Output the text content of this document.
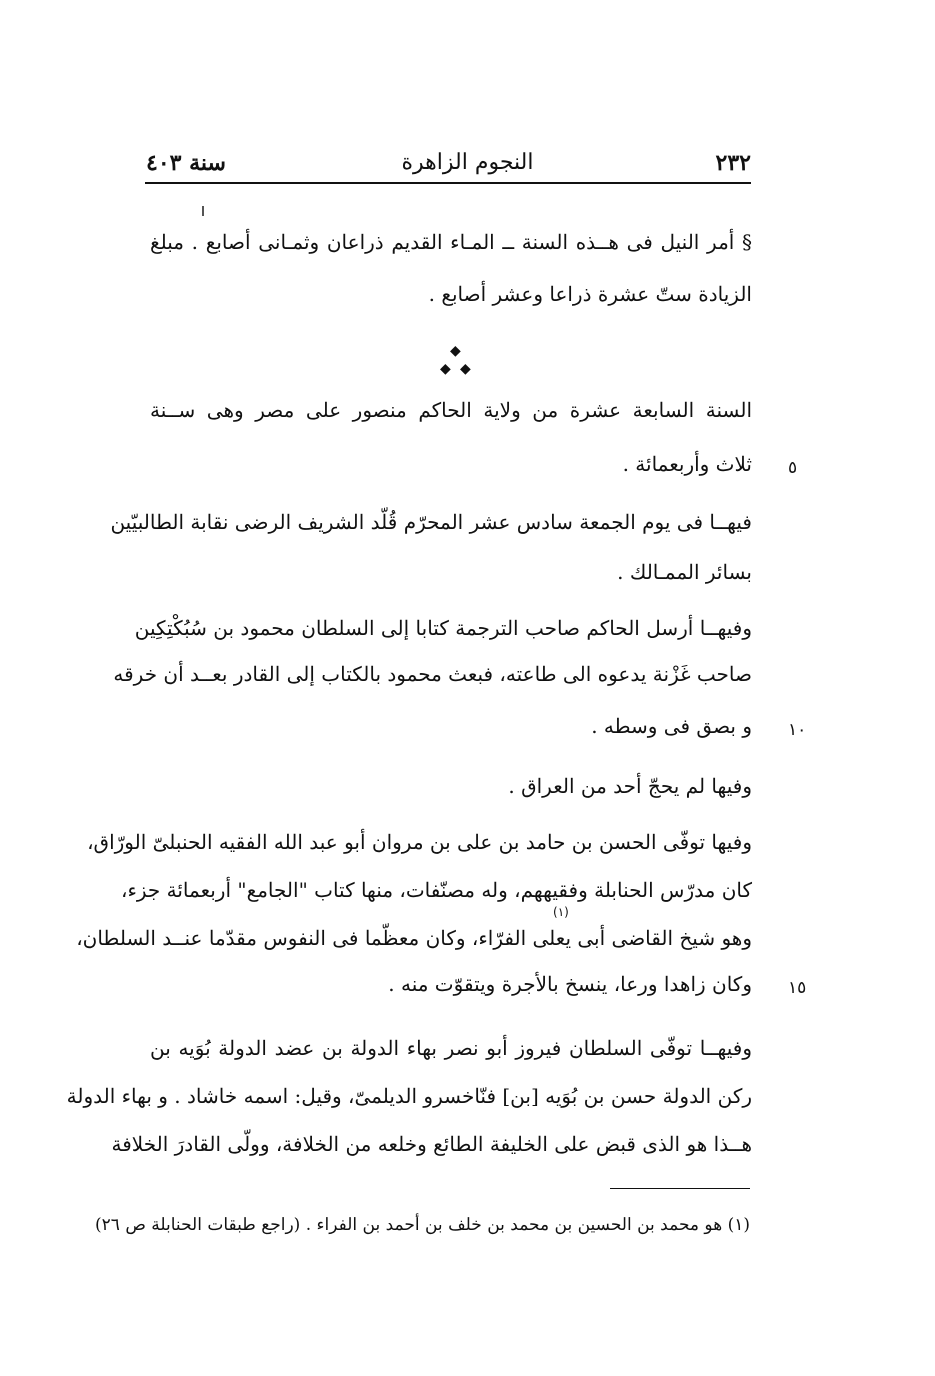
سنة ٤٠٣	النجوم الزاهرة	٢٣٢
§ أمر النيل فى هــذه السنة ــ المـاء القديم ذراعان وثمـانى أصابع . مبلغ
الزيادة ستّ عشرة ذراعا وعشر أصابع .
◆
◆ ◆
السنة السابعة عشرة من ولاية الحاكم منصور على مصر وهى ســنة
ثلاث وأربعمائة . ٥
فيهــا فى يوم الجمعة سادس عشر المحرّم قُلّد الشريف الرضى نقابة الطالبيّين
بسائر الممـالك .
وفيهــا أرسل الحاكم صاحب الترجمة كتابا إلى السلطان محمود بن سُبُكْتِكِين
صاحب غَزْنة يدعوه الى طاعته، فبعث محمود بالكتاب إلى القادر بعــد أن خرقه
و بصق فى وسطه . ١٠
وفيها لم يحجّ أحد من العراق .
وفيها توفّى الحسن بن حامد بن على بن مروان أبو عبد الله الفقيه الحنبلىّ الورّاق،
كان مدرّس الحنابلة وفقيههم، وله مصنّفات، منها كتاب "الجامع" أربعمائة جزء،
(١)
وهو شيخ القاضى أبى يعلى الفرّاء، وكان معظّما فى النفوس مقدّما عنــد السلطان،
وكان زاهدا ورعا، ينسخ بالأجرة ويتقوّت منه . ١٥
وفيهــا توفّى السلطان فيروز أبو نصر بهاء الدولة بن عضد الدولة بُوَيه بن
ركن الدولة حسن بن بُوَيه [بن] فنّاخسرو الديلمىّ، وقيل: اسمه خاشاد . و بهاء الدولة
هــذا هو الذى قبض على الخليفة الطائع وخلعه من الخلافة، وولّى القادرَ الخلافة
(١) هو محمد بن الحسين بن محمد بن خلف بن أحمد بن الفراء . (راجع طبقات الحنابلة ص ٢٦)
